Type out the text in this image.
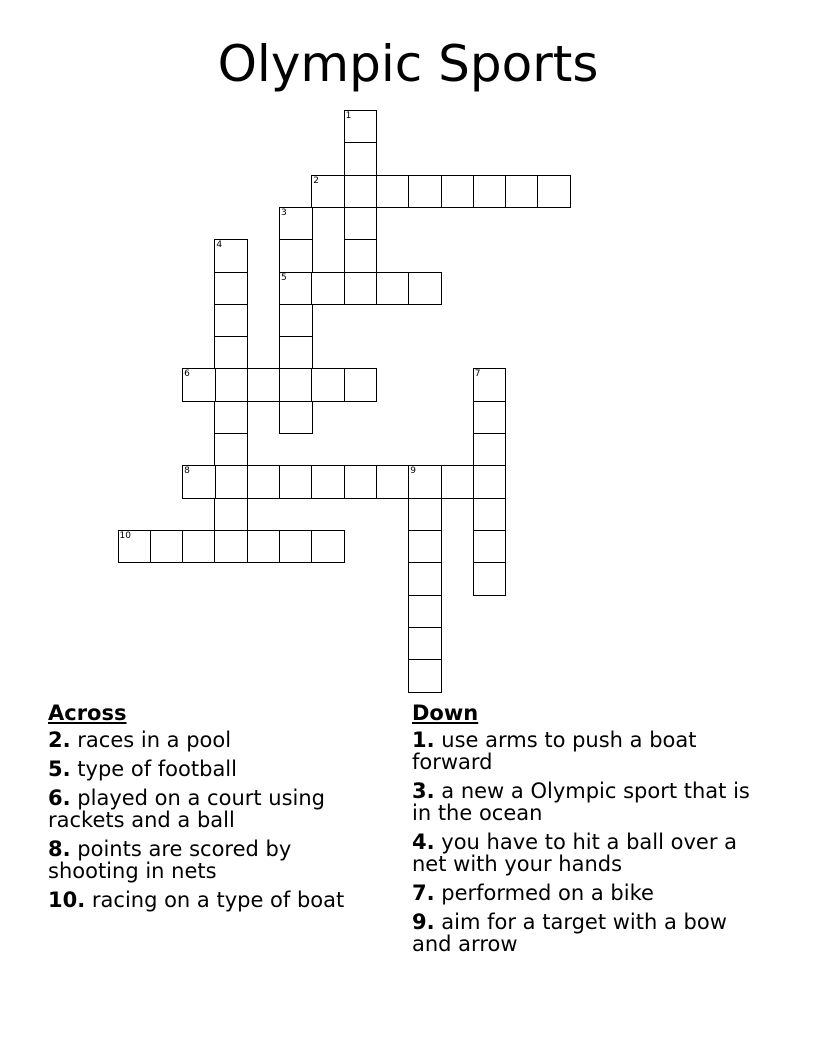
Olympic Sports
1
2
3
5
4
6	7
8	9
10
Across
2. races in a pool
5. type of football
6. played on a court using rackets and a ball
8. points are scored by shooting in nets
10. racing on a type of boat
Down
1. use arms to push a boat forward
3. a new a Olympic sport that is in the ocean
4. you have to hit a ball over a net with your hands
7. performed on a bike
9. aim for a target with a bow and arrow
